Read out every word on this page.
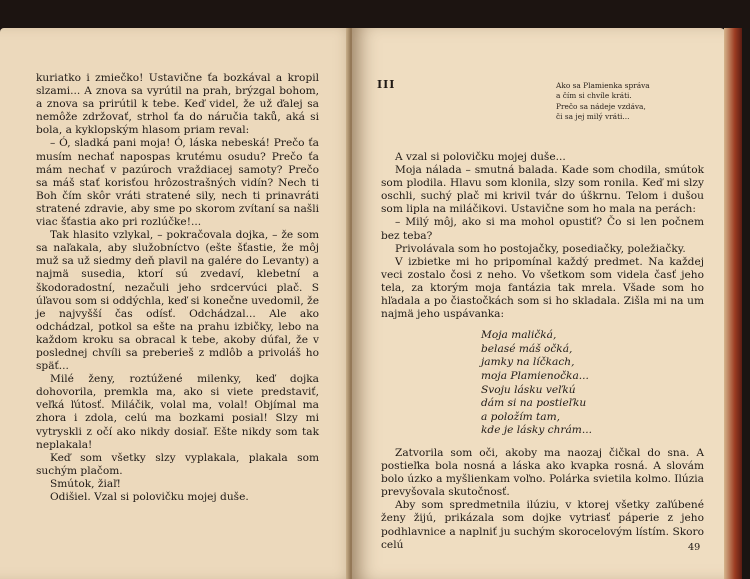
kuriatko i zmiečko! Ustavične ťa bozkával a kropil slzami... A znova sa vyrútil na prah, brýzgal bohom, a znova sa prirútil k tebe. Keď videl, že už ďalej sa nemôže zdržovať, strhol ťa do náručia taků, aká si bola, a kyklopským hlasom priam reval:

– Ó, sladká pani moja! Ó, láska nebeská! Prečo ťa musím nechať napospas krutému osudu? Prečo ťa mám nechať v pazúroch vraždiacej samoty? Prečo sa máš stať korisťou hrôzostrašných vidín? Nech ti Boh čím skôr vráti stratené sily, nech ti prinavráti stratené zdravie, aby sme po skorom zvítaní sa našli viac šťastia ako pri rozlúčke!...

Tak hlasito vzlykal, – pokračovala dojka, – že som sa naľakala, aby služobníctvo (ešte šťastie, že môj muž sa už siedmy deň plavil na galére do Levanty) a najmä susedia, ktorí sú zvedaví, klebetní a škodoradostní, nezačuli jeho srdcervúci plač. S úľavou som si oddýchla, keď si konečne uvedomil, že je najvyšší čas odísť. Odchádzal... Ale ako odchádzal, potkol sa ešte na prahu izbičky, lebo na každom kroku sa obracal k tebe, akoby dúfal, že v poslednej chvíli sa preberieš z mdlôb a privoláš ho späť...

Milé ženy, roztúžené milenky, keď dojka dohovorila, premkla ma, ako si viete predstaviť, veľká ľútosť. Miláčik, volal ma, volal! Objímal ma zhora i zdola, celú ma bozkami posial! Slzy mi vytryskli z očí ako nikdy dosiaľ. Ešte nikdy som tak neplakala!

Keď som všetky slzy vyplakala, plakala som suchým plačom.

Smútok, žiaľ!

Odišiel. Vzal si polovičku mojej duše.

III	Ako sa Plamienka správa
a čím si chvíle kráti.
Prečo sa nádeje vzdáva,
či sa jej milý vráti...

A vzal si polovičku mojej duše...

Moja nálada – smutná balada. Kade som chodila, smútok som plodila. Hlavu som klonila, slzy som ronila. Keď mi slzy oschli, suchý plač mi krivil tvár do úškrnu. Telom i dušou som lipla na miláčikovi. Ustavične som ho mala na perách:

– Milý môj, ako si ma mohol opustiť? Čo si len počnem bez teba?

Privolávala som ho postojačky, posediačky, poležiačky.

V izbietke mi ho pripomínal každý predmet. Na každej veci zostalo čosi z neho. Vo všetkom som videla časť jeho tela, za ktorým moja fantázia tak mrela. Všade som ho hľadala a po čiastočkách som si ho skladala. Zišla mi na um najmä jeho uspávanka:

Moja maličká,
belasé máš očká,
jamky na líčkach,
moja Plamienočka...
Svoju lásku veľkú
dám si na postieľku
a položím tam,
kde je lásky chrám...

Zatvorila som oči, akoby ma naozaj čičkal do sna. A postieľka bola nosná a láska ako kvapka rosná. A slovám bolo úzko a myšlienkam voľno. Polárka svietila kolmo. Ilúzia prevyšovala skutočnosť.

Aby som spredmetnila ilúziu, v ktorej všetky zaľúbené ženy žijú, prikázala som dojke vytriasť páperie z jeho podhlavnice a naplniť ju suchým skorocelovým lístím. Skoro celú	49
